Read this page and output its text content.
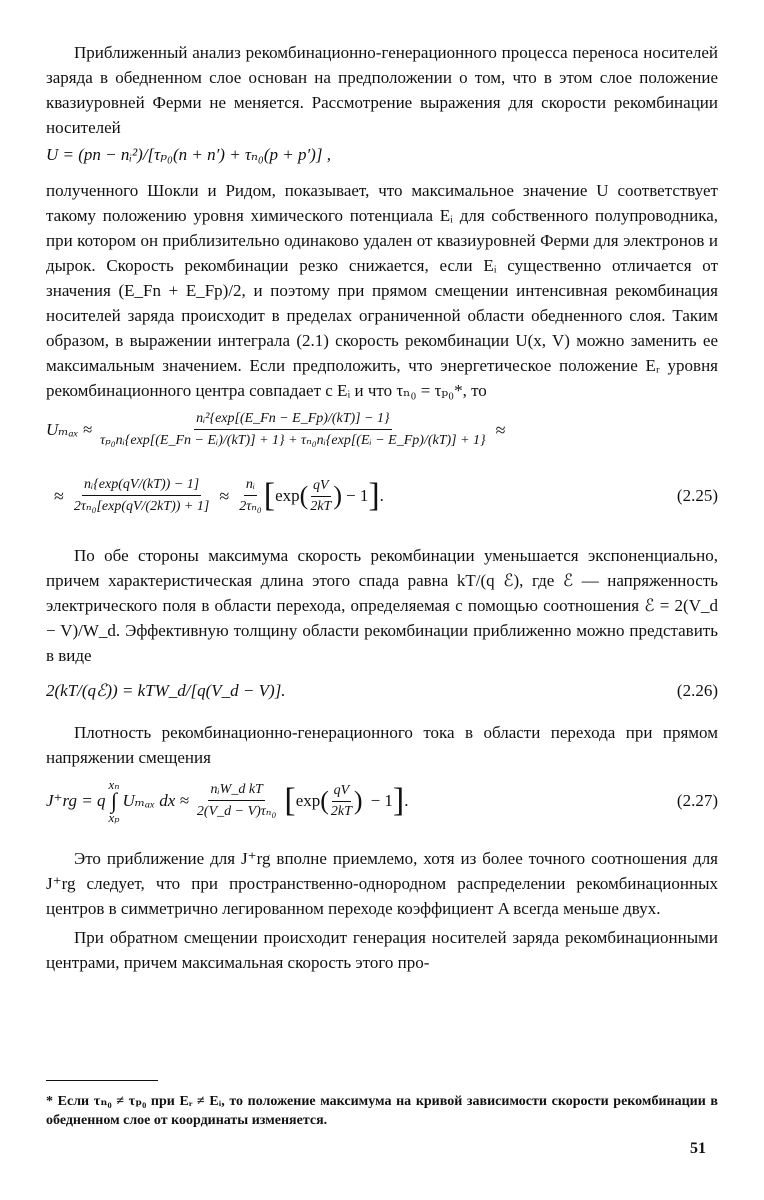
Приближенный анализ рекомбинационно-генерационного процесса переноса носителей заряда в обедненном слое основан на предположении о том, что в этом слое положение квазиуровней Ферми не меняется. Рассмотрение выражения для скорости рекомбинации носителей

U = (pn − nᵢ²)/[τₚ₀(n + n′) + τₙ₀(p + p′)] ,

полученного Шокли и Ридом, показывает, что максимальное значение U соответствует такому положению уровня химического потенциала Eᵢ для собственного полупроводника, при котором он приблизительно одинаково удален от квазиуровней Ферми для электронов и дырок. Скорость рекомбинации резко снижается, если Eᵢ существенно отличается от значения (E_Fn + E_Fp)/2, и поэтому при прямом смещении интенсивная рекомбинация носителей заряда происходит в пределах ограниченной области обедненного слоя. Таким образом, в выражении интеграла (2.1) скорость рекомбинации U(x, V) можно заменить ее максимальным значением. Если предположить, что энергетическое положение Eᵣ уровня рекомбинационного центра совпадает с Eᵢ и что τₙ₀ = τₚ₀*, то

Uₘₐₓ ≈
nᵢ²{exp[(E_Fn − E_Fp)/(kT)] − 1}
τₚ₀nᵢ{exp[(E_Fn − Eᵢ)/(kT)] + 1} + τₙ₀nᵢ{exp[(Eᵢ − E_Fp)/(kT)] + 1}
≈
≈ $\frac{\text{nᵢ\{exp(qV/(kT)) − 1]}}{\text{2τₙ₀[exp(qV/(2kT)) + 1]}} \approx \frac{\text{nᵢ}}{\text{2τₙ₀}}$ [ exp ( $\frac{qV}{2kT}$ ) − 1 ] .	(2.25)

По обе стороны максимума скорость рекомбинации уменьшается экспоненциально, причем характеристическая длина этого спада равна kT/(q ℰ), где ℰ — напряженность электрического поля в области перехода, определяемая с помощью соотношения ℰ = 2(V_d − V)/W_d. Эффективную толщину области рекомбинации приближенно можно представить в виде

2(kT/(qℰ)) = kTW_d/[q(V_d − V)].	(2.26)

Плотность рекомбинационно-генерационного тока в области перехода при прямом напряжении смещения

J⁺rg = q
xₙ
∫
xₚ
Uₘₐₓ dx ≈ $\frac{\text{nᵢW\_d kT}}{\text{2(V\_d − V)τₙ₀}}$ [ exp ( $\frac{qV}{2kT}$ ) − 1 ] .	(2.27)

Это приближение для J⁺rg вполне приемлемо, хотя из более точного соотношения для J⁺rg следует, что при пространственно-однородном распределении рекомбинационных центров в симметрично легированном переходе коэффициент A всегда меньше двух.

При обратном смещении происходит генерация носителей заряда рекомбинационными центрами, причем максимальная скорость этого про-

* Если τₙ₀ ≠ τₚ₀ при Eᵣ ≠ Eᵢ, то положение максимума на кривой зависимости скорости рекомбинации в обедненном слое от координаты изменяется.
51
